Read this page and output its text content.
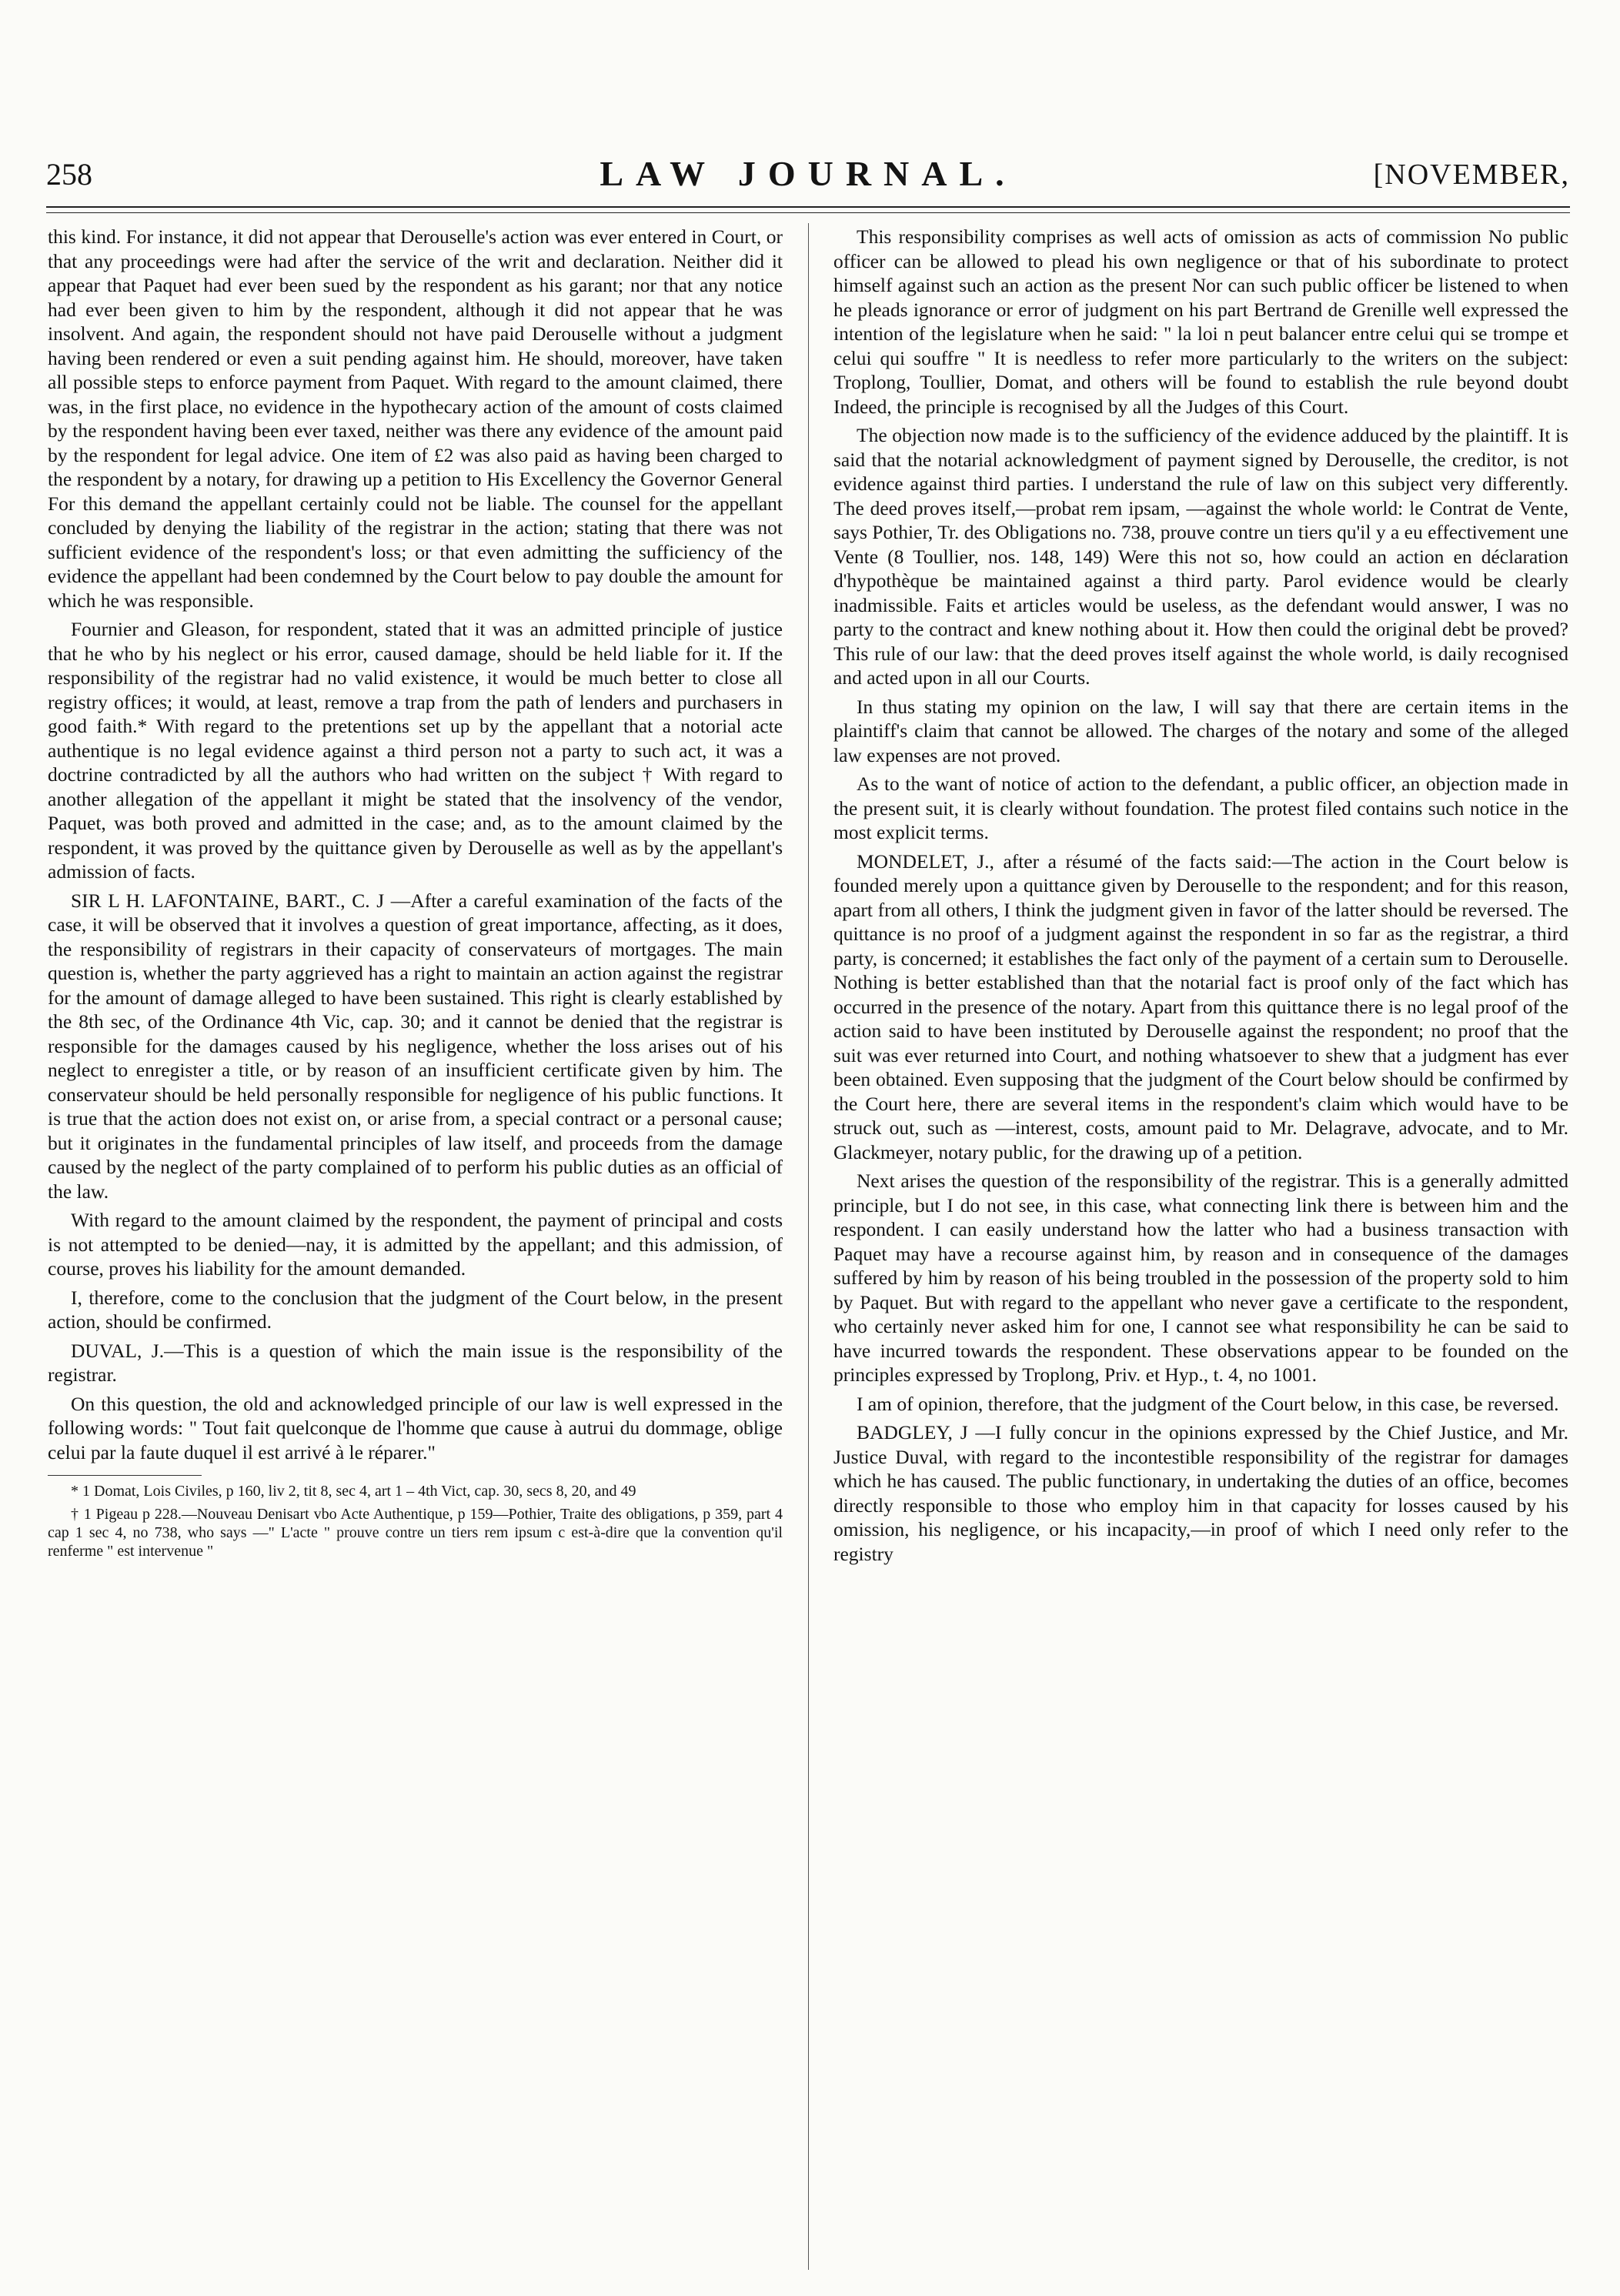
258	LAW JOURNAL.	[NOVEMBER,

this kind. For instance, it did not appear that Derouselle's action was ever entered in Court, or that any proceedings were had after the service of the writ and declaration. Neither did it appear that Paquet had ever been sued by the respondent as his garant; nor that any notice had ever been given to him by the respondent, although it did not appear that he was insolvent. And again, the respondent should not have paid Derouselle without a judgment having been rendered or even a suit pending against him. He should, moreover, have taken all possible steps to enforce payment from Paquet. With regard to the amount claimed, there was, in the first place, no evidence in the hypothecary action of the amount of costs claimed by the respondent having been ever taxed, neither was there any evidence of the amount paid by the respondent for legal advice. One item of £2 was also paid as having been charged to the respondent by a notary, for drawing up a petition to His Excellency the Governor General For this demand the appellant certainly could not be liable. The counsel for the appellant concluded by denying the liability of the registrar in the action; stating that there was not sufficient evidence of the respondent's loss; or that even admitting the sufficiency of the evidence the appellant had been condemned by the Court below to pay double the amount for which he was responsible.

Fournier and Gleason, for respondent, stated that it was an admitted principle of justice that he who by his neglect or his error, caused damage, should be held liable for it. If the responsibility of the registrar had no valid existence, it would be much better to close all registry offices; it would, at least, remove a trap from the path of lenders and purchasers in good faith.* With regard to the pretentions set up by the appellant that a notorial acte authentique is no legal evidence against a third person not a party to such act, it was a doctrine contradicted by all the authors who had written on the subject † With regard to another allegation of the appellant it might be stated that the insolvency of the vendor, Paquet, was both proved and admitted in the case; and, as to the amount claimed by the respondent, it was proved by the quittance given by Derouselle as well as by the appellant's admission of facts.

SIR L H. LAFONTAINE, BART., C. J —After a careful examination of the facts of the case, it will be observed that it involves a question of great importance, affecting, as it does, the responsibility of registrars in their capacity of conservateurs of mortgages. The main question is, whether the party aggrieved has a right to maintain an action against the registrar for the amount of damage alleged to have been sustained. This right is clearly established by the 8th sec, of the Ordinance 4th Vic, cap. 30; and it cannot be denied that the registrar is responsible for the damages caused by his negligence, whether the loss arises out of his neglect to enregister a title, or by reason of an insufficient certificate given by him. The conservateur should be held personally responsible for negligence of his public functions. It is true that the action does not exist on, or arise from, a special contract or a personal cause; but it originates in the fundamental principles of law itself, and proceeds from the damage caused by the neglect of the party complained of to perform his public duties as an official of the law.

With regard to the amount claimed by the respondent, the payment of principal and costs is not attempted to be denied—nay, it is admitted by the appellant; and this admission, of course, proves his liability for the amount demanded.

I, therefore, come to the conclusion that the judgment of the Court below, in the present action, should be confirmed.

DUVAL, J.—This is a question of which the main issue is the responsibility of the registrar.

On this question, the old and acknowledged principle of our law is well expressed in the following words: " Tout fait quelconque de l'homme que cause à autrui du dommage, oblige celui par la faute duquel il est arrivé à le réparer."

* 1 Domat, Lois Civiles, p 160, liv 2, tit 8, sec 4, art 1 – 4th Vict, cap. 30, secs 8, 20, and 49

† 1 Pigeau p 228.—Nouveau Denisart vbo Acte Authentique, p 159—Pothier, Traite des obligations, p 359, part 4 cap 1 sec 4, no 738, who says —" L'acte " prouve contre un tiers rem ipsum c est-à-dire que la convention qu'il renferme " est intervenue "

This responsibility comprises as well acts of omission as acts of commission No public officer can be allowed to plead his own negligence or that of his subordinate to protect himself against such an action as the present Nor can such public officer be listened to when he pleads ignorance or error of judgment on his part Bertrand de Grenille well expressed the intention of the legislature when he said: " la loi n peut balancer entre celui qui se trompe et celui qui souffre " It is needless to refer more particularly to the writers on the subject: Troplong, Toullier, Domat, and others will be found to establish the rule beyond doubt Indeed, the principle is recognised by all the Judges of this Court.

The objection now made is to the sufficiency of the evidence adduced by the plaintiff. It is said that the notarial acknowledgment of payment signed by Derouselle, the creditor, is not evidence against third parties. I understand the rule of law on this subject very differently. The deed proves itself,—probat rem ipsam, —against the whole world: le Contrat de Vente, says Pothier, Tr. des Obligations no. 738, prouve contre un tiers qu'il y a eu effectivement une Vente (8 Toullier, nos. 148, 149) Were this not so, how could an action en déclaration d'hypothèque be maintained against a third party. Parol evidence would be clearly inadmissible. Faits et articles would be useless, as the defendant would answer, I was no party to the contract and knew nothing about it. How then could the original debt be proved? This rule of our law: that the deed proves itself against the whole world, is daily recognised and acted upon in all our Courts.

In thus stating my opinion on the law, I will say that there are certain items in the plaintiff's claim that cannot be allowed. The charges of the notary and some of the alleged law expenses are not proved.

As to the want of notice of action to the defendant, a public officer, an objection made in the present suit, it is clearly without foundation. The protest filed contains such notice in the most explicit terms.

MONDELET, J., after a résumé of the facts said:—The action in the Court below is founded merely upon a quittance given by Derouselle to the respondent; and for this reason, apart from all others, I think the judgment given in favor of the latter should be reversed. The quittance is no proof of a judgment against the respondent in so far as the registrar, a third party, is concerned; it establishes the fact only of the payment of a certain sum to Derouselle. Nothing is better established than that the notarial fact is proof only of the fact which has occurred in the presence of the notary. Apart from this quittance there is no legal proof of the action said to have been instituted by Derouselle against the respondent; no proof that the suit was ever returned into Court, and nothing whatsoever to shew that a judgment has ever been obtained. Even supposing that the judgment of the Court below should be confirmed by the Court here, there are several items in the respondent's claim which would have to be struck out, such as —interest, costs, amount paid to Mr. Delagrave, advocate, and to Mr. Glackmeyer, notary public, for the drawing up of a petition.

Next arises the question of the responsibility of the registrar. This is a generally admitted principle, but I do not see, in this case, what connecting link there is between him and the respondent. I can easily understand how the latter who had a business transaction with Paquet may have a recourse against him, by reason and in consequence of the damages suffered by him by reason of his being troubled in the possession of the property sold to him by Paquet. But with regard to the appellant who never gave a certificate to the respondent, who certainly never asked him for one, I cannot see what responsibility he can be said to have incurred towards the respondent. These observations appear to be founded on the principles expressed by Troplong, Priv. et Hyp., t. 4, no 1001.

I am of opinion, therefore, that the judgment of the Court below, in this case, be reversed.

BADGLEY, J —I fully concur in the opinions expressed by the Chief Justice, and Mr. Justice Duval, with regard to the incontestible responsibility of the registrar for damages which he has caused. The public functionary, in undertaking the duties of an office, becomes directly responsible to those who employ him in that capacity for losses caused by his omission, his negligence, or his incapacity,—in proof of which I need only refer to the registry
